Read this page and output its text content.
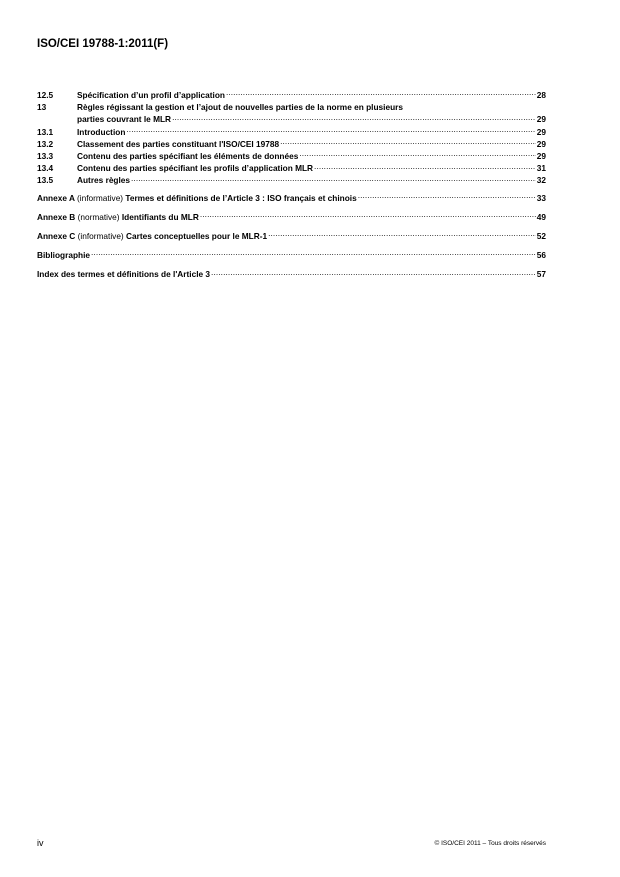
ISO/CEI 19788-1:2011(F)
12.5	Spécification d’un profil d’application .....	28
13	Règles régissant la gestion et l’ajout de nouvelles parties de la norme en plusieurs
parties couvrant le MLR .....	29
13.1	Introduction .....	29
13.2	Classement des parties constituant l'ISO/CEI 19788 .....	29
13.3	Contenu des parties spécifiant les éléments de données .....	29
13.4	Contenu des parties spécifiant les profils d’application MLR .....	31
13.5	Autres règles .....	32
Annexe A (informative) Termes et définitions de l’Article 3 : ISO français et chinois .....	33
Annexe B (normative) Identifiants du MLR .....	49
Annexe C (informative) Cartes conceptuelles pour le MLR-1 .....	52
Bibliographie .....	56
Index des termes et définitions de l'Article 3 .....	57
iv	© ISO/CEI 2011 – Tous droits réservés
